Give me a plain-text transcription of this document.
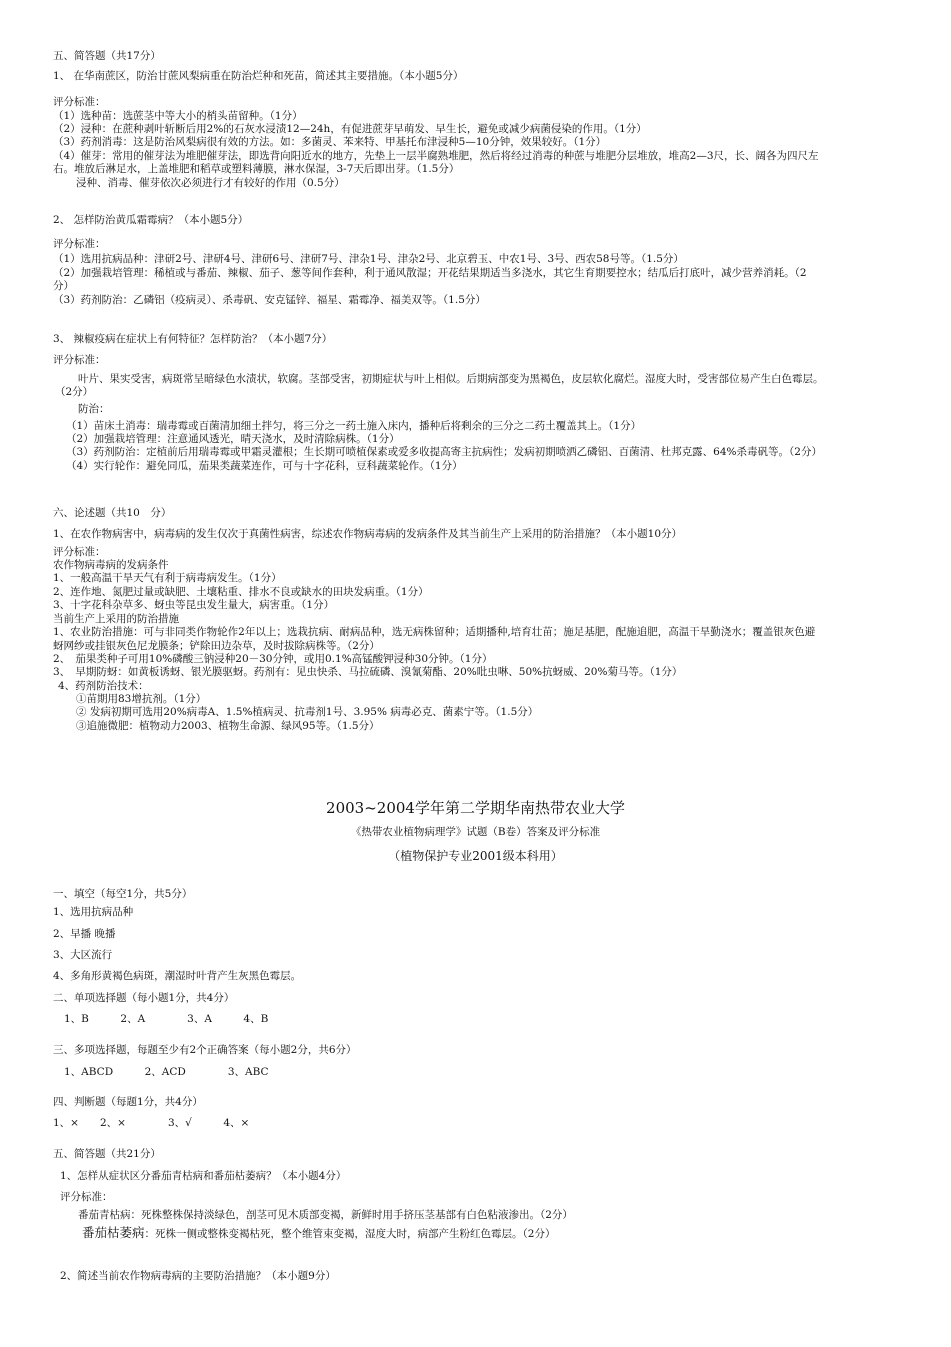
五、简答题（共17分）

1、 在华南蔗区，防治甘蔗风梨病重在防治烂种和死苗，简述其主要措施。（本小题5分）

评分标准：

（1）选种苗：选蔗茎中等大小的梢头苗留种。（1分）

（2）浸种：在蔗种剥叶斩断后用2%的石灰水浸渍12—24h，有促进蔗芽早萌发、早生长，避免或减少病菌侵染的作用。（1分）

（3）药剂消毒：这是防治风梨病很有效的方法。如：多菌灵、苯来特、甲基托布津浸种5—10分钟，效果较好。（1分）

（4）催芽：常用的催芽法为堆肥催芽法，即选背向阳近水的地方，先垫上一层半腐熟堆肥，然后将经过消毒的种蔗与堆肥分层堆放，堆高2—3尺，长、阔各为四尺左

右。堆放后淋足水，上盖堆肥和稻草或塑料薄膜，淋水保湿，3-7天后即出芽。（1.5分）

浸种、消毒、催芽依次必须进行才有较好的作用（0.5分）

2、 怎样防治黄瓜霜霉病？（本小题5分）

评分标准：

（1）选用抗病品种：津研2号、津研4号、津研6号、津研7号、津杂1号、津杂2号、北京碧玉、中农1号、3号、西农58号等。（1.5分）

（2）加强栽培管理：稀植或与番茄、辣椒、茄子、葱等间作套种，利于通风散湿；开花结果期适当多浇水，其它生育期要控水；结瓜后打底叶，减少营养消耗。（2

分）

（3）药剂防治：乙磷铝（疫病灵）、杀毒矾、安克锰锌、福星、霜霉净、福美双等。（1.5分）

3、 辣椒疫病在症状上有何特征？怎样防治？（本小题7分）

评分标准：

叶片、果实受害，病斑常呈暗绿色水渍状，软腐。茎部受害，初期症状与叶上相似。后期病部变为黑褐色，皮层软化腐烂。湿度大时，受害部位易产生白色霉层。

（2分）

防治：

（1）苗床土消毒：瑞毒霉或百菌清加细土拌匀，将三分之一药土施入床内，播种后将剩余的三分之二药土覆盖其上。（1分）

（2）加强栽培管理：注意通风透光，晴天浇水，及时清除病株。（1分）

（3）药剂防治：定植前后用瑞毒霉或甲霜灵灌根；生长期可喷植保素或爱多收提高寄主抗病性；发病初期喷洒乙磷铝、百菌清、杜邦克露、64%杀毒矾等。（2分）

（4）实行轮作：避免同瓜，茄果类蔬菜连作，可与十字花科，豆科蔬菜轮作。（1分）

六、论述题（共10　分）

1、在农作物病害中，病毒病的发生仅次于真菌性病害，综述农作物病毒病的发病条件及其当前生产上采用的防治措施？（本小题10分）

评分标准：

农作物病毒病的发病条件

1、一般高温干旱天气有利于病毒病发生。（1分）

2、连作地、氮肥过量或缺肥、土壤粘重、排水不良或缺水的田块发病重。（1分）

3、十字花科杂草多、蚜虫等昆虫发生量大，病害重。（1分）

当前生产上采用的防治措施

1、农业防治措施：可与非同类作物轮作2年以上；选栽抗病、耐病品种，选无病株留种；适期播种,培育壮苗；施足基肥，配施追肥，高温干旱勤浇水；覆盖银灰色避

蚜网纱或挂银灰色尼龙膜条；铲除田边杂草，及时拔除病株等。（2分）

2、　茄果类种子可用10%磷酸三钠浸种20－30分钟，或用0.1%高锰酸钾浸种30分钟。（1分）

3、　早期防蚜：如黄板诱蚜、银光膜驱蚜。药剂有：见虫快杀、马拉硫磷、溴氰菊酯、20%吡虫啉、50%抗蚜威、20%菊马等。（1分）

4、药剂防治技术：

①苗期用83增抗剂。（1分）

② 发病初期可选用20%病毒A、1.5%植病灵、抗毒剂1号、3.95% 病毒必克、菌素宁等。（1.5分）

③追施微肥：植物动力2003、植物生命源、绿风95等。（1.5分）

2003~2004学年第二学期华南热带农业大学

《热带农业植物病理学》试题（B卷）答案及评分标准

（植物保护专业2001级本科用）

一、填空（每空1分，共5分）

1、选用抗病品种

2、早播 晚播

3、大区流行

4、多角形黄褐色病斑，潮湿时叶背产生灰黑色霉层。

二、单项选择题（每小题1分，共4分）

1、B　　　2、A　　　　3、A　　　4、B

三、多项选择题，每题至少有2个正确答案（每小题2分，共6分）

1、ABCD　　　2、ACD　　　　3、ABC

四、判断题（每题1分，共4分）

1、×　　2、×　　　　3、√　　　4、×

五、简答题（共21分）

1、怎样从症状区分番茄青枯病和番茄枯萎病？（本小题4分）

评分标准：

番茄青枯病：死株整株保持淡绿色，剖茎可见木质部变褐，新鲜时用手挤压茎基部有白色粘液渗出。（2分）

番茄枯萎病：死株一侧或整株变褐枯死，整个维管束变褐，湿度大时，病部产生粉红色霉层。（2分）

2、简述当前农作物病毒病的主要防治措施？（本小题9分）
